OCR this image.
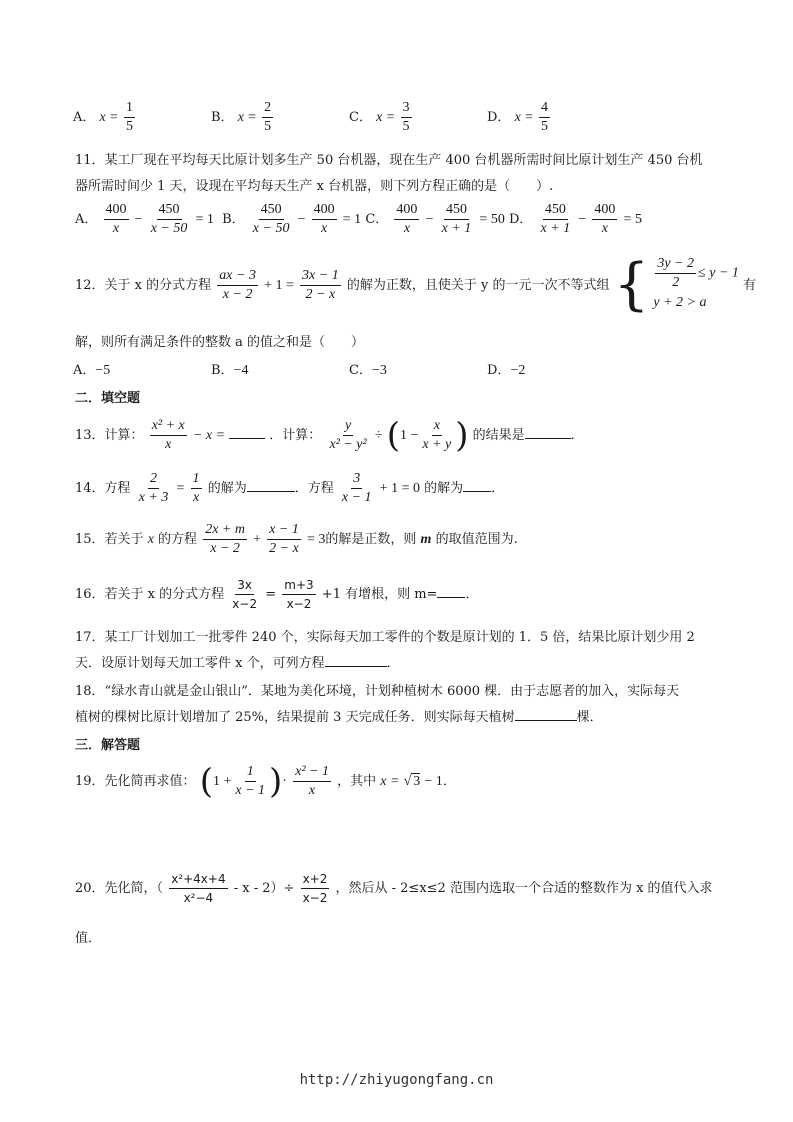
A． $x = \frac{1}{5}$	B． $x = \frac{2}{5}$	C． $x = \frac{3}{5}$	D． $x = \frac{4}{5}$
11．某工厂现在平均每天比原计划多生产 50 台机器，现在生产 400 台机器所需时间比原计划生产 450 台机
器所需时间少 1 天，设现在平均每天生产 x 台机器，则下列方程正确的是（　　）.
A． $\frac{400}{x} - \frac{450}{x - 50} = 1$ B． $\frac{450}{x - 50} - \frac{400}{x} = 1$ C． $\frac{400}{x} - \frac{450}{x + 1} = 50$ D． $\frac{450}{x + 1} - \frac{400}{x} = 5$
12．关于 x 的分式方程 $\frac{ax - 3}{x - 2} + 1 = \frac{3x - 1}{2 - x}$ 的解为正数，且使关于 y 的一元一次不等式组 { $\frac{3y - 2}{2} \le y - 1$
y + 2 > a
有
解，则所有满足条件的整数 a 的值之和是（　　）
A．−5	B．−4	C．−3	D．−2
二．填空题
13．计算： $\frac{\text{x² + x}}{x} - x$ =	．计算： $\frac{y}{\text{x² − y²}} \div (1 - \frac{x}{x + y}$ ) 的结果是	．
14．方程 $\frac{2}{x + 3} = \frac{1}{x}$ 的解为	．方程 $\frac{3}{x - 1} + 1 = 0$ 的解为 ．
15．若关于 x 的方程 $\frac{2x + m}{x - 2} + \frac{x - 1}{2 - x} = 3$的解是正数，则 m 的取值范围为.
16．若关于 x 的分式方程 $\frac{3x}{x-2} = \frac{m+3}{x-2} +1$ 有增根，则 m= ．
17．某工厂计划加工一批零件 240 个，实际每天加工零件的个数是原计划的 1．5 倍，结果比原计划少用 2
天．设原计划每天加工零件 x 个，可列方程	．
18．“绿水青山就是金山银山”．某地为美化环境，计划种植树木 6000 棵．由于志愿者的加入，实际每天
植树的棵树比原计划增加了 25%，结果提前 3 天完成任务．则实际每天植树	棵．
三．解答题
19．先化简再求值： ($1 + \frac{1}{x - 1}$ )· $\frac{\text{x² − 1}}{x}$ ，其中 x = √ 3 − 1．
20．先化简，（ $\frac{\text{x²+4x+4}}{\text{x²−4}} - x - 2)\div \frac{x+2}{x-2}$ ，然后从 - 2≤x≤2 范围内选取一个合适的整数作为 x 的值代入求
值．
http://zhiyugongfang.cn
